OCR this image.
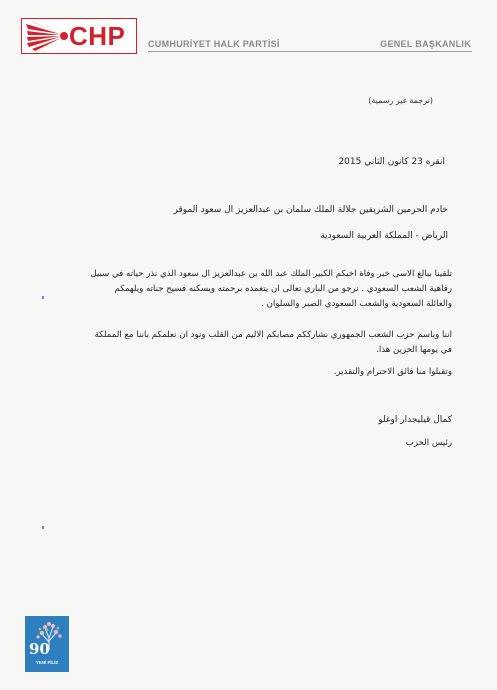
CHP	CUMHURİYET HALK PARTİSİ	GENEL BAŞKANLIK
(ترجمة غير رسمية)
انقره 23 كانون الثاني 2015
خادم الحرمين الشريفين جلالة الملك سلمان بن عبدالعزيز ال سعود الموقر
الرياض - المملكة العربية السعودية
تلقينا ببالغ الاسى خبر وفاة اخيكم الكبير الملك عبد الله بن عبدالعزيز ال سعود الذي نذر حياته في سبيل
رفاهية الشعب السعودي . نرجو من الباري تعالى ان يتغمده برحمته ويسكنه فسيح جناته ويلهمكم
والعائلة السعودية والشعب السعودي الصبر والسلوان .
اننا وباسم حزب الشعب الجمهوري نشارككم مصابكم الاليم من القلب ونود ان نعلمكم باننا مع المملكة
في يومها الحزين هذا.
وتقبلوا منا فائق الاحترام والتقدير.
كمال قيليجدار اوغلو
رئيس الحزب
90
YENİ FİLİZ
